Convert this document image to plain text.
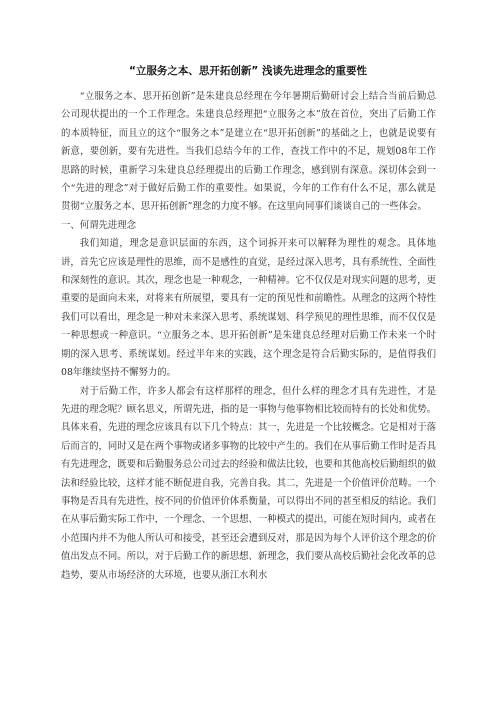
“立服务之本、思开拓创新” 浅谈先进理念的重要性

“立服务之本、思开拓创新”是朱建良总经理在今年暑期后勤研讨会上结合当前后勤总公司现状提出的一个工作理念。朱建良总经理把“立服务之本”放在首位，突出了后勤工作的本质特征，而且立的这个“服务之本”是建立在“思开拓创新”的基础之上，也就是说要有新意，要创新，要有先进性。当我们总结今年的工作，查找工作中的不足，规划08年工作思路的时候，重新学习朱建良总经理提出的后勤工作理念，感到别有深意。深切体会到一个“先进的理念”对于做好后勤工作的重要性。如果说，今年的工作有什么不足，那么就是贯彻“立服务之本、思开拓创新”理念的力度不够。在这里向同事们谈谈自己的一些体会。

一、何谓先进理念

我们知道，理念是意识层面的东西，这个词拆开来可以解释为理性的观念。具体地讲，首先它应该是理性的思维，而不是感性的直觉，是经过深入思考，具有系统性、全面性和深刻性的意识。其次，理念也是一种观念，一种精神。它不仅仅是对现实问题的思考，更重要的是面向未来，对将来有所展望，要具有一定的预见性和前瞻性。从理念的这两个特性我们可以看出，理念是一种对未来深入思考、系统谋划、科学预见的理性思维，而不仅仅是一种思想或一种意识。“立服务之本、思开拓创新”是朱建良总经理对后勤工作未来一个时期的深入思考、系统谋划。经过半年来的实践，这个理念是符合后勤实际的，是值得我们08年继续坚持不懈努力的。

对于后勤工作，许多人都会有这样那样的理念，但什么样的理念才具有先进性，才是先进的理念呢？顾名思义，所谓先进，指的是一事物与他事物相比较而特有的长处和优势。具体来看，先进的理念应该具有以下几个特点：其一，先进是一个比较概念。它是相对于落后而言的，同时又是在两个事物或诸多事物的比较中产生的。我们在从事后勤工作时是否具有先进理念，既要和后勤服务总公司过去的经验和做法比较，也要和其他高校后勤组织的做法和经验比较，这样才能不断促进自我，完善自我。其二，先进是一个价值评价范畴。一个事物是否具有先进性，按不同的价值评价体系衡量，可以得出不同的甚至相反的结论。我们在从事后勤实际工作中，一个理念、一个思想、一种模式的提出，可能在短时间内，或者在小范围内并不为他人所认可和接受，甚至还会遭到反对，那是因为每个人评价这个理念的价值出发点不同。所以，对于后勤工作的新思想、新理念，我们要从高校后勤社会化改革的总趋势，要从市场经济的大环境，也要从浙江水利水
